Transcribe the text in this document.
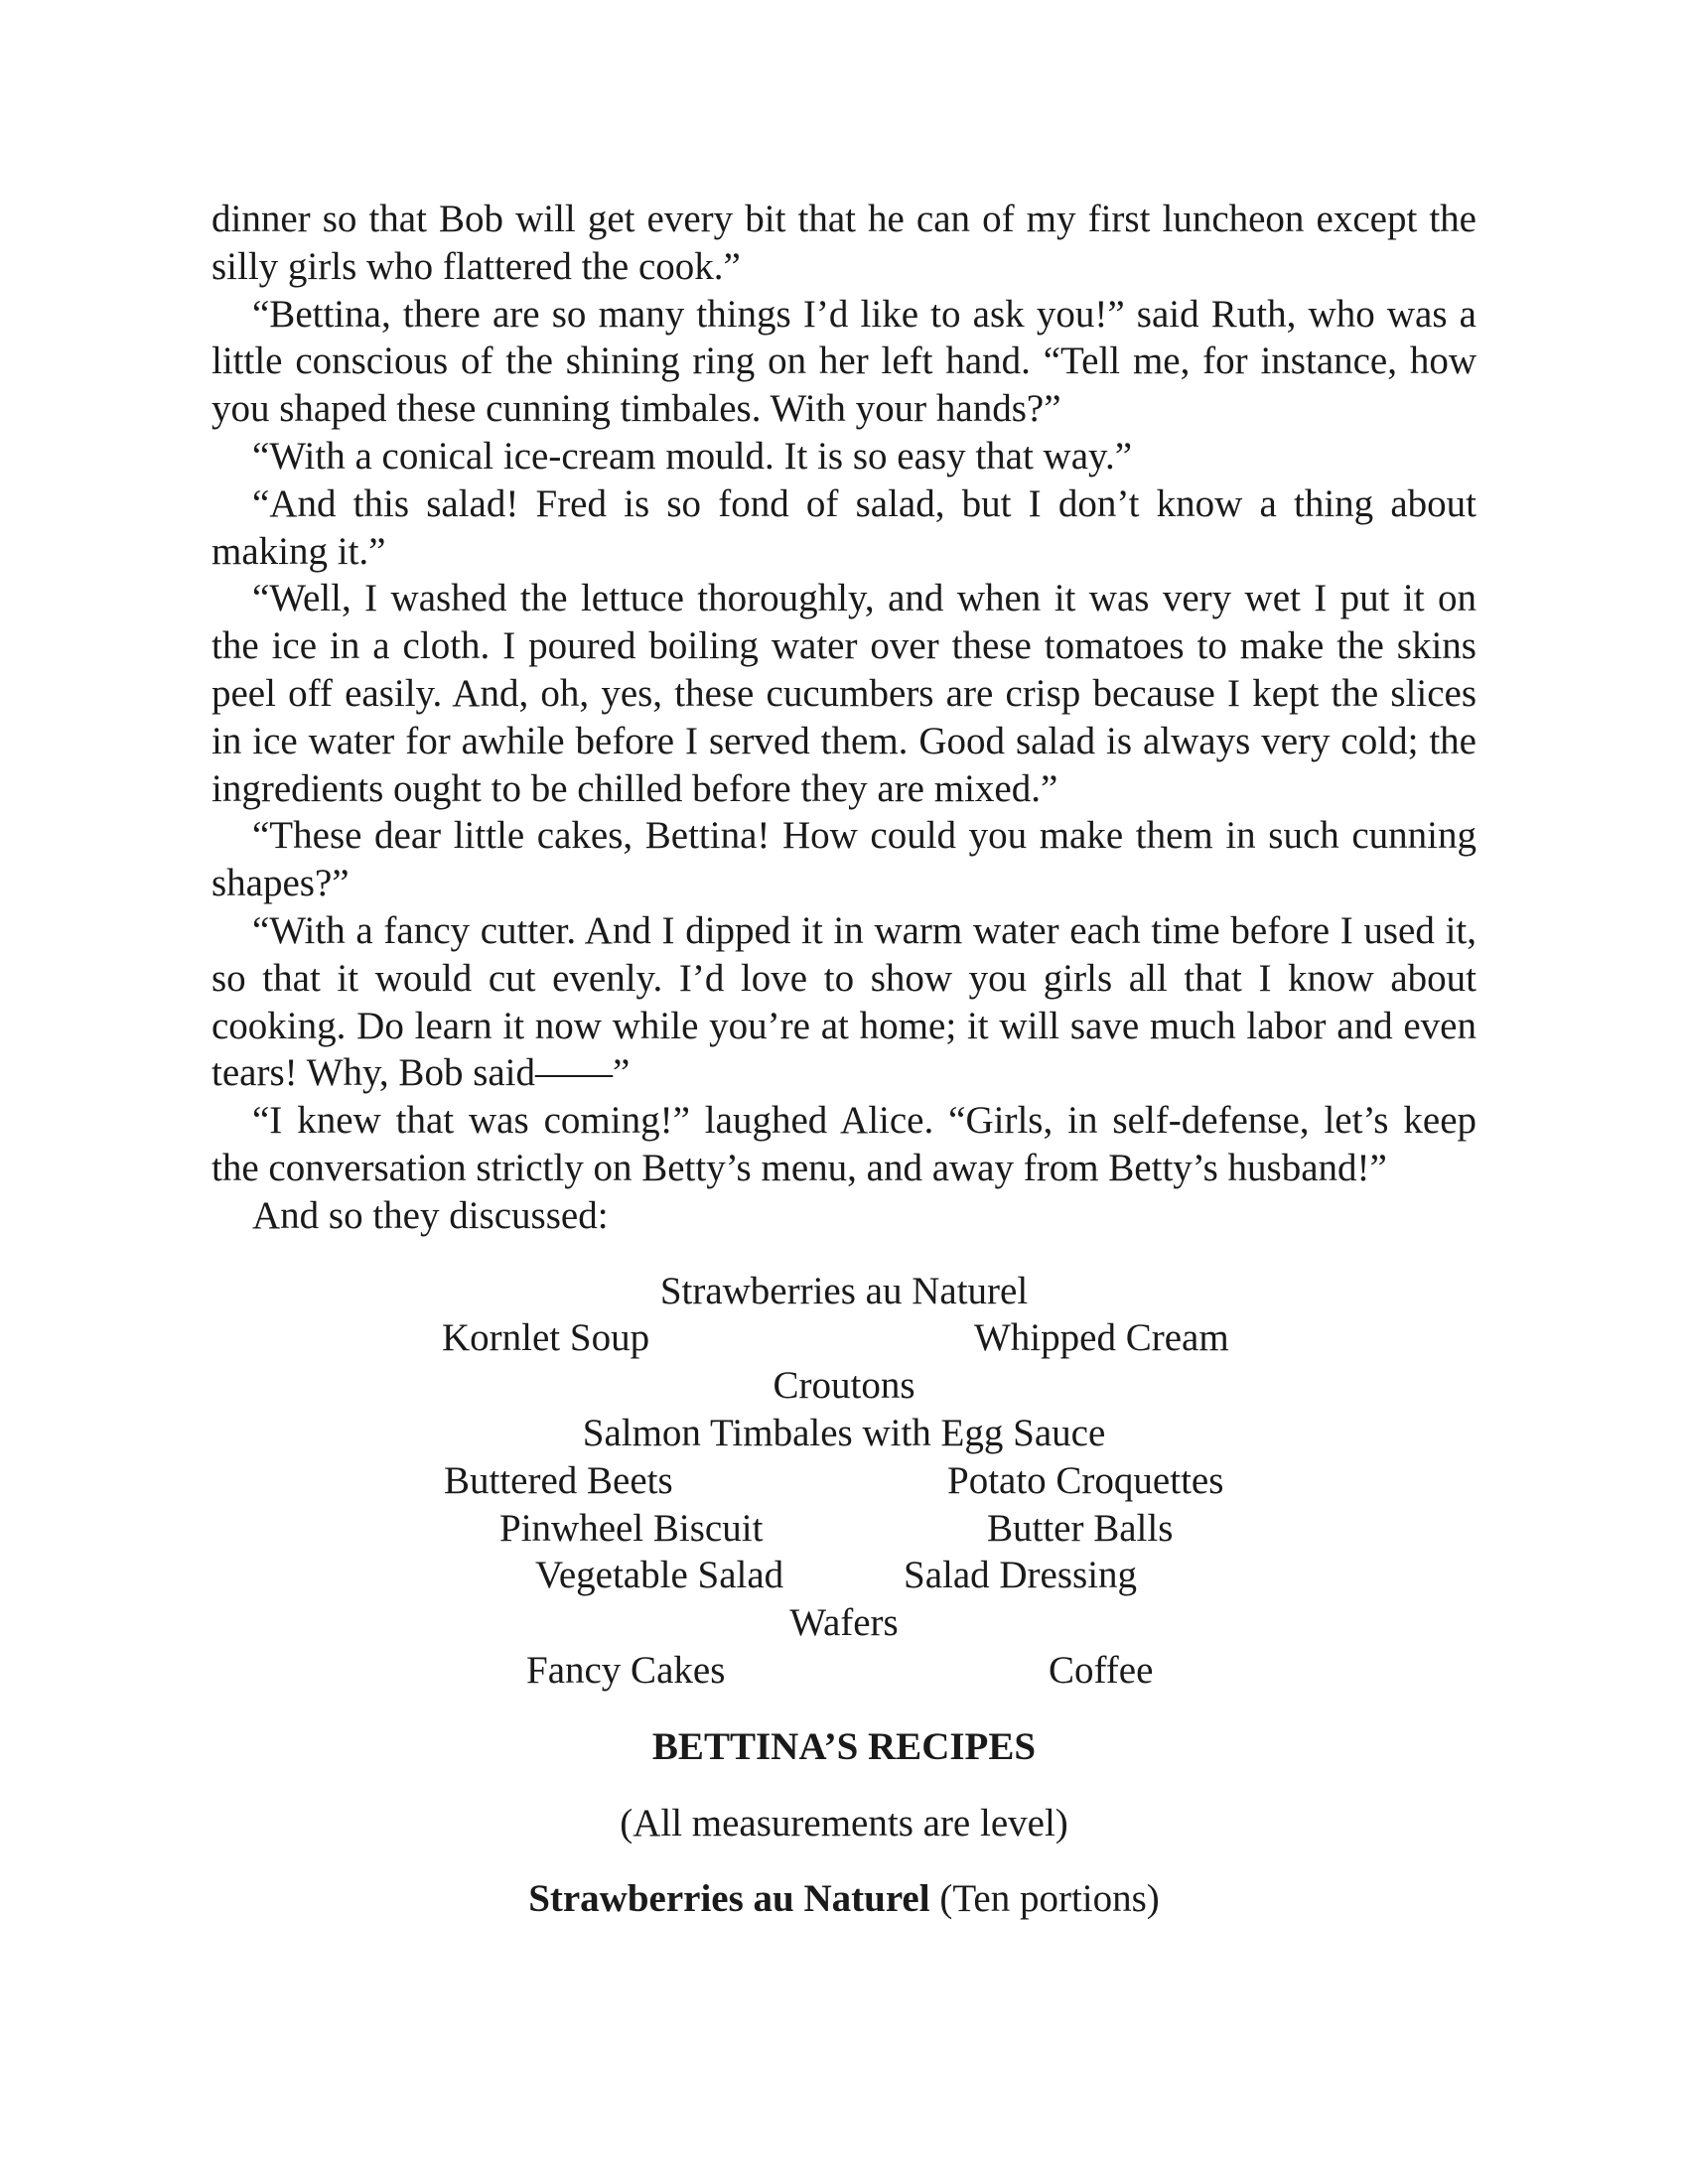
dinner so that Bob will get every bit that he can of my first luncheon except the silly girls who flattered the cook.”

“Bettina, there are so many things I’d like to ask you!” said Ruth, who was a little conscious of the shining ring on her left hand. “Tell me, for instance, how you shaped these cunning timbales. With your hands?”

“With a conical ice-cream mould. It is so easy that way.”

“And this salad! Fred is so fond of salad, but I don’t know a thing about making it.”

“Well, I washed the lettuce thoroughly, and when it was very wet I put it on the ice in a cloth. I poured boiling water over these tomatoes to make the skins peel off easily. And, oh, yes, these cucumbers are crisp because I kept the slices in ice water for awhile before I served them. Good salad is always very cold; the ingredients ought to be chilled before they are mixed.”

“These dear little cakes, Bettina! How could you make them in such cunning shapes?”

“With a fancy cutter. And I dipped it in warm water each time before I used it, so that it would cut evenly. I’d love to show you girls all that I know about cooking. Do learn it now while you’re at home; it will save much labor and even tears! Why, Bob said——”

“I knew that was coming!” laughed Alice. “Girls, in self-defense, let’s keep the conversation strictly on Betty’s menu, and away from Betty’s husband!”

And so they discussed:

Strawberries au Naturel
Kornlet Soup	Whipped Cream
Croutons
Salmon Timbales with Egg Sauce
Buttered Beets	Potato Croquettes
Pinwheel Biscuit	Butter Balls
Vegetable Salad	Salad Dressing
Wafers
Fancy Cakes	Coffee
BETTINA’S RECIPES
(All measurements are level)
Strawberries au Naturel (Ten portions)
